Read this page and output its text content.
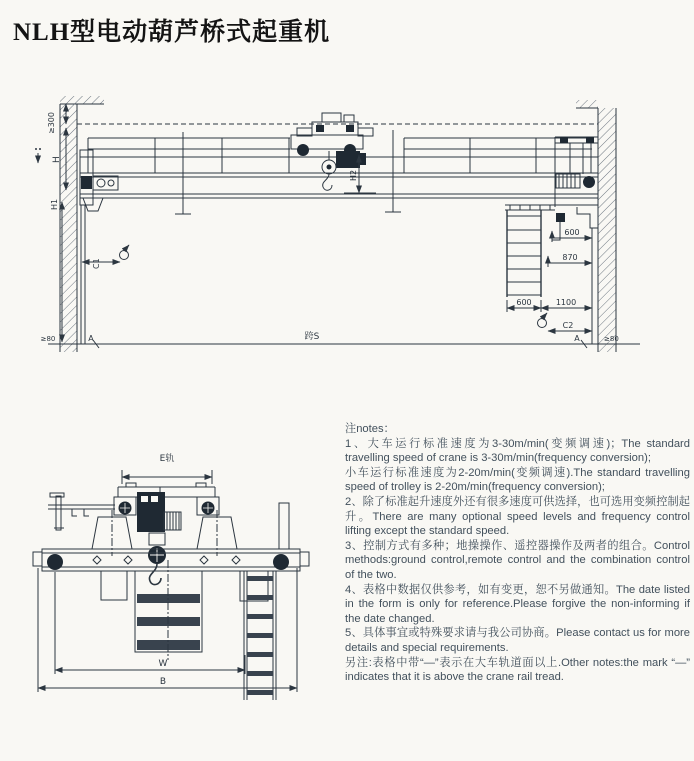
NLH型电动葫芦桥式起重机
≥300
H
H1
H2
600
870
600	1100
C1
C2
A	A
≥80	≥80
跨S
E轨
W
B

注notes：

1、大车运行标准速度为3-30m/min(变频调速)；The standard travelling speed of crane is 3-30m/min(frequency conversion);

小车运行标准速度为2-20m/min(变频调速).The standard travelling speed of trolley is 2-20m/min(frequency conversion);

2、除了标准起升速度外还有很多速度可供选择，也可选用变频控制起升。There are many optional speed levels and frequency control lifting except the standard speed.

3、控制方式有多种；地操操作、遥控器操作及两者的组合。Control methods:ground control,remote control and the combination control of the two.

4、表格中数据仅供参考，如有变更，恕不另做通知。The date listed in the form is only for reference.Please forgive the non-informing if the date changed.

5、具体事宜或特殊要求请与我公司协商。Please contact us for more details and special requirements.

另注:表格中带“—”表示在大车轨道面以上.Other notes:the mark “—” indicates that it is above the crane rail tread.
